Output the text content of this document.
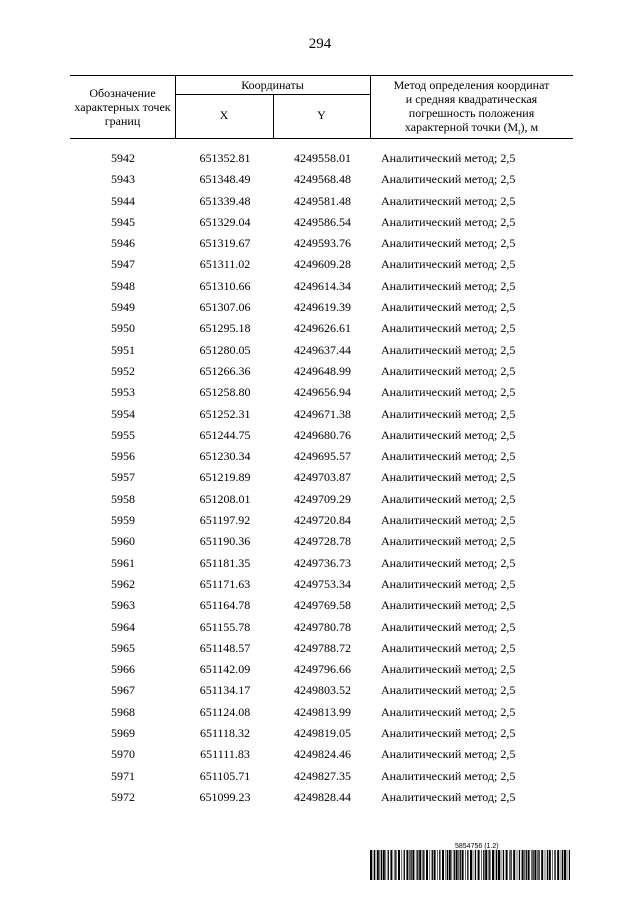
294
Обозначение характерных точек границ
Координаты
X	Y
Метод определения координат
и средняя квадратическая
погрешность положения
характерной точки $(M_t)$, м
5942	651352.81	4249558.01	Аналитический метод; 2,5
5943	651348.49	4249568.48	Аналитический метод; 2,5
5944	651339.48	4249581.48	Аналитический метод; 2,5
5945	651329.04	4249586.54	Аналитический метод; 2,5
5946	651319.67	4249593.76	Аналитический метод; 2,5
5947	651311.02	4249609.28	Аналитический метод; 2,5
5948	651310.66	4249614.34	Аналитический метод; 2,5
5949	651307.06	4249619.39	Аналитический метод; 2,5
5950	651295.18	4249626.61	Аналитический метод; 2,5
5951	651280.05	4249637.44	Аналитический метод; 2,5
5952	651266.36	4249648.99	Аналитический метод; 2,5
5953	651258.80	4249656.94	Аналитический метод; 2,5
5954	651252.31	4249671.38	Аналитический метод; 2,5
5955	651244.75	4249680.76	Аналитический метод; 2,5
5956	651230.34	4249695.57	Аналитический метод; 2,5
5957	651219.89	4249703.87	Аналитический метод; 2,5
5958	651208.01	4249709.29	Аналитический метод; 2,5
5959	651197.92	4249720.84	Аналитический метод; 2,5
5960	651190.36	4249728.78	Аналитический метод; 2,5
5961	651181.35	4249736.73	Аналитический метод; 2,5
5962	651171.63	4249753.34	Аналитический метод; 2,5
5963	651164.78	4249769.58	Аналитический метод; 2,5
5964	651155.78	4249780.78	Аналитический метод; 2,5
5965	651148.57	4249788.72	Аналитический метод; 2,5
5966	651142.09	4249796.66	Аналитический метод; 2,5
5967	651134.17	4249803.52	Аналитический метод; 2,5
5968	651124.08	4249813.99	Аналитический метод; 2,5
5969	651118.32	4249819.05	Аналитический метод; 2,5
5970	651111.83	4249824.46	Аналитический метод; 2,5
5971	651105.71	4249827.35	Аналитический метод; 2,5
5972	651099.23	4249828.44	Аналитический метод; 2,5
5854756 (1.2)
